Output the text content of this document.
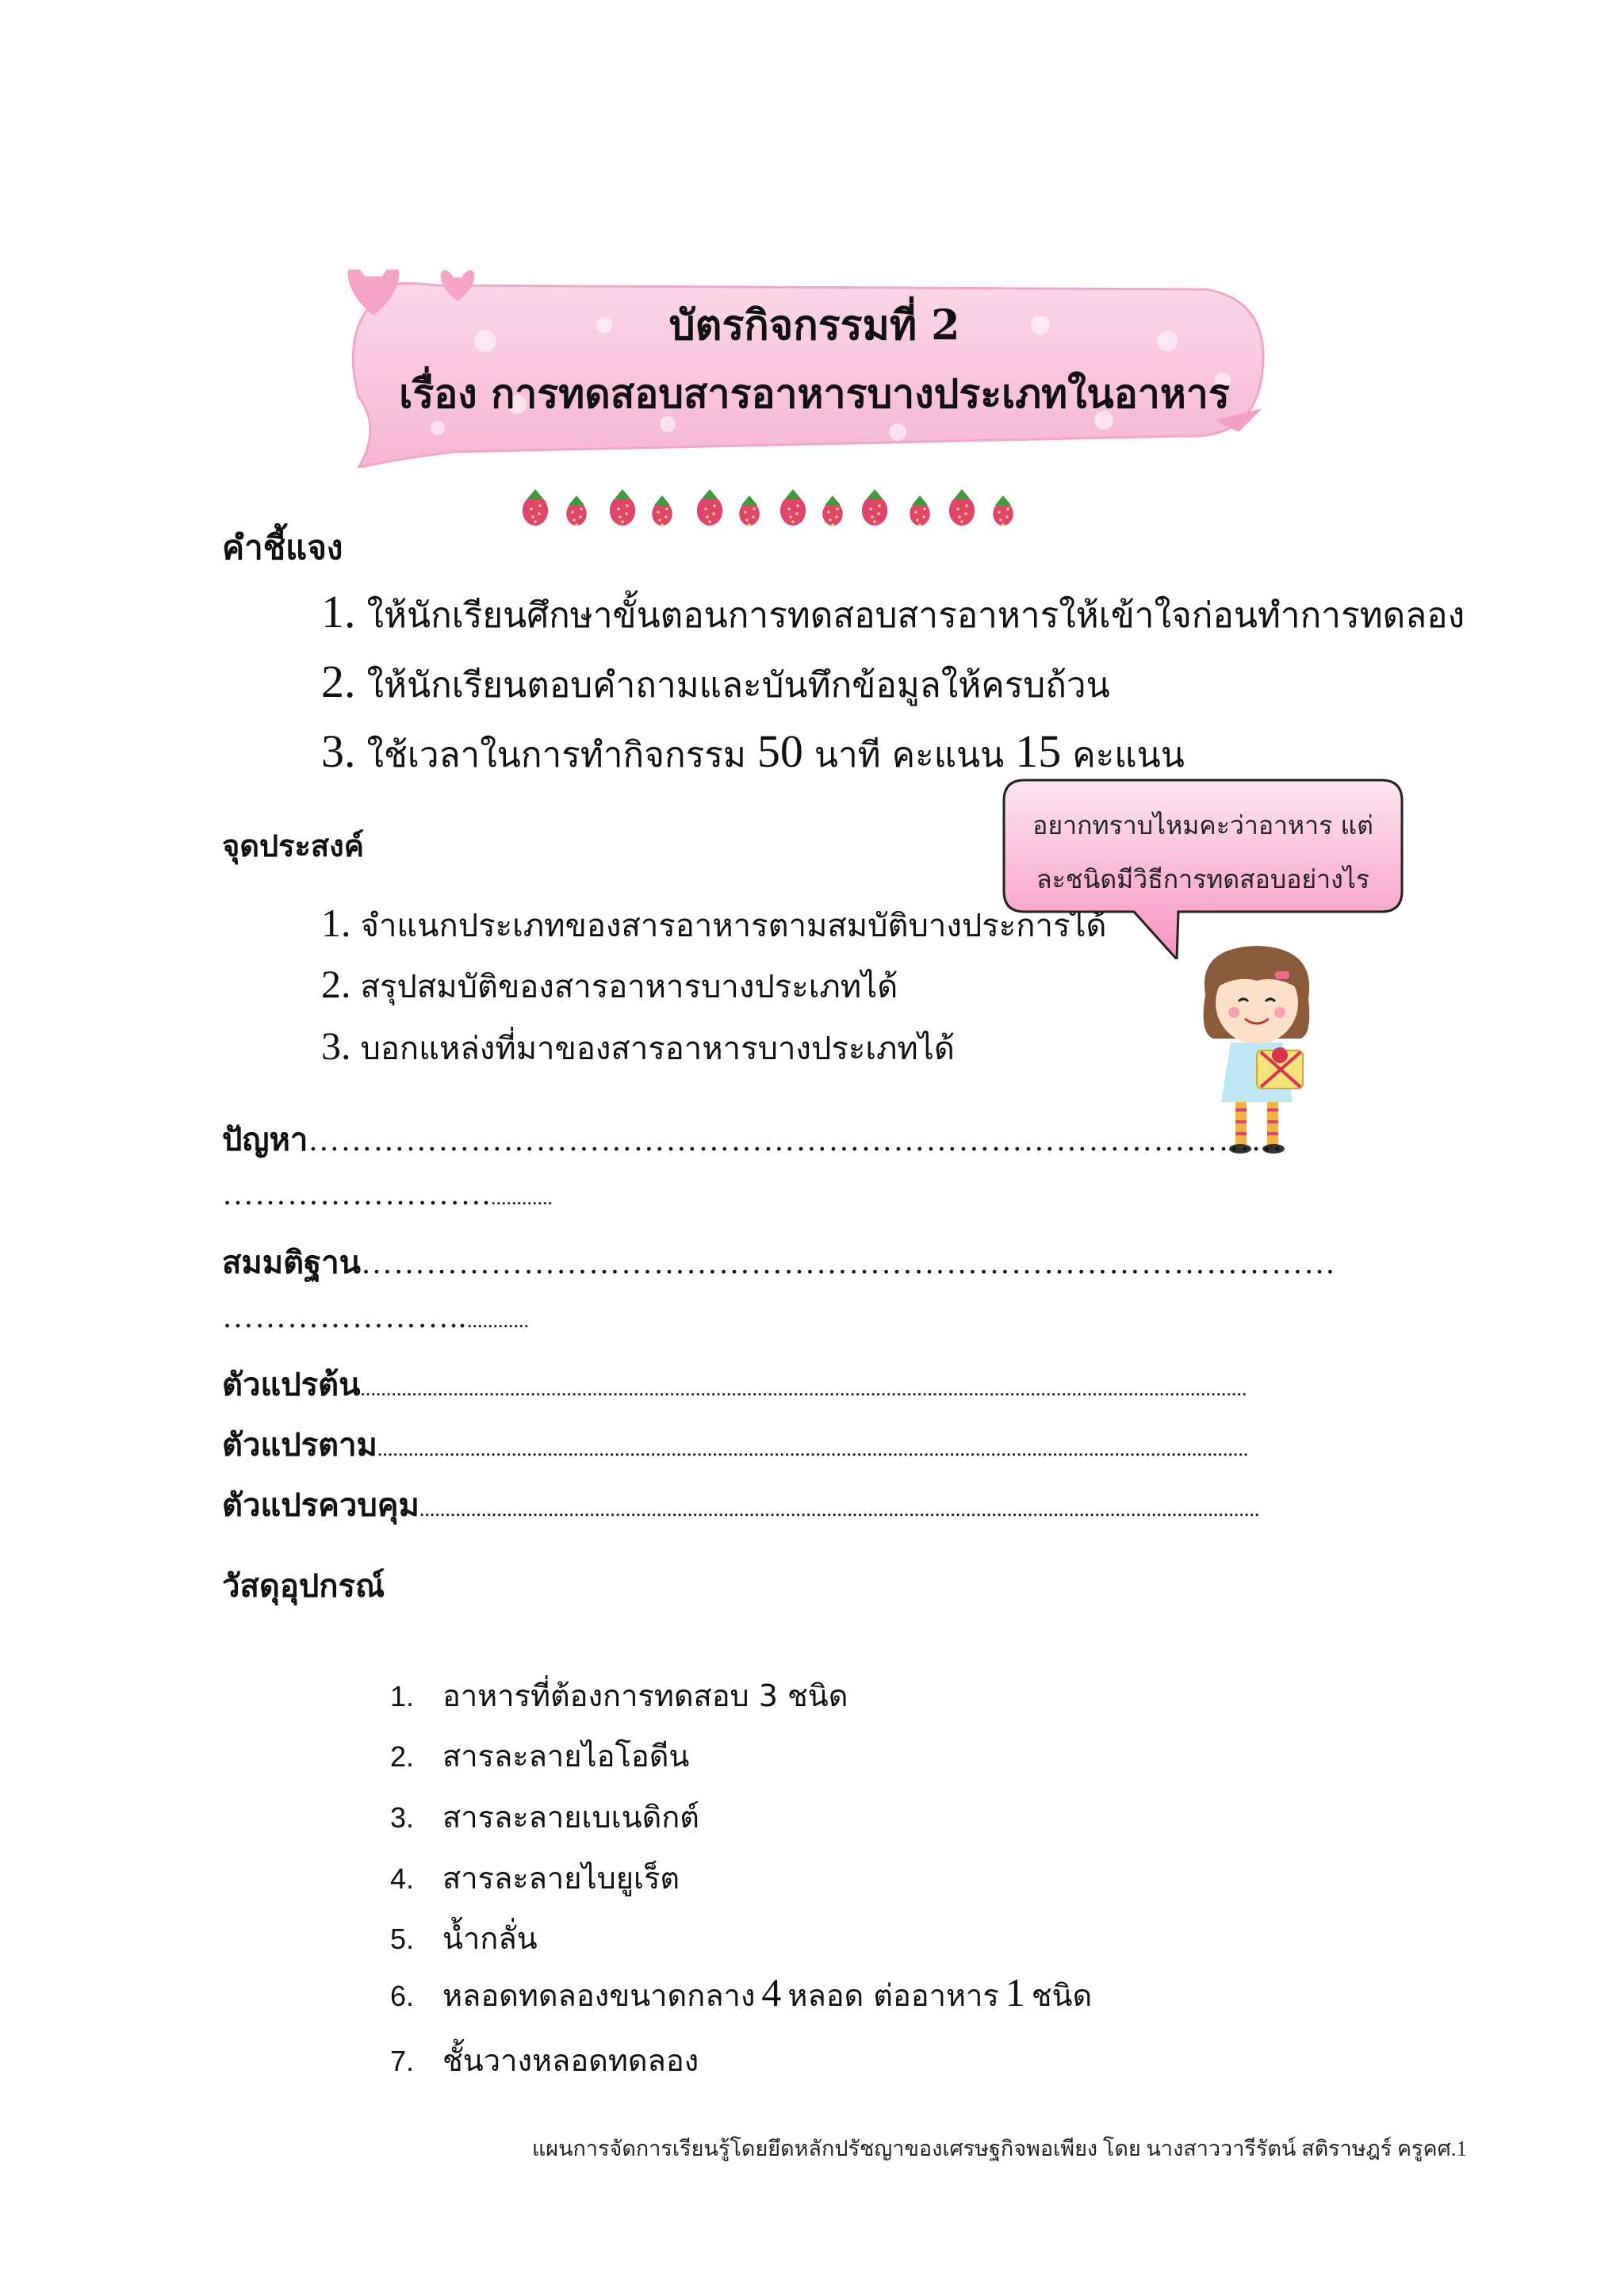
บัตรกิจกรรมที่ 2
เรื่อง การทดสอบสารอาหารบางประเภทในอาหาร
คำชี้แจง
1. ให้นักเรียนศึกษาขั้นตอนการทดสอบสารอาหารให้เข้าใจก่อนทำการทดลอง
2. ให้นักเรียนตอบคำถามและบันทึกข้อมูลให้ครบถ้วน
3. ใช้เวลาในการทำกิจกรรม 50 นาที คะแนน 15 คะแนน
จุดประสงค์
1. จำแนกประเภทของสารอาหารตามสมบัติบางประการได้
2. สรุปสมบัติของสารอาหารบางประเภทได้
3. บอกแหล่งที่มาของสารอาหารบางประเภทได้
อยากทราบไหมคะว่าอาหาร แต่
ละชนิดมีวิธีการทดสอบอย่างไร
ปัญหา………………………………………………………………………………
…………………….............
สมมติฐาน………………………………………………………………………………
…………………..............
ตัวแปรต้น............................................................................................................................................................................
ตัวแปรตาม.........................................................................................................................................................................
ตัวแปรควบคุม...................................................................................................................................................................
วัสดุอุปกรณ์
1. อาหารที่ต้องการทดสอบ 3 ชนิด
2. สารละลายไอโอดีน
3. สารละลายเบเนดิกต์
4. สารละลายไบยูเร็ต
5. น้ำกลั่น
6. หลอดทดลองขนาดกลาง 4 หลอด ต่ออาหาร 1 ชนิด
7. ชั้นวางหลอดทดลอง
แผนการจัดการเรียนรู้โดยยึดหลักปรัชญาของเศรษฐกิจพอเพียง โดย นางสาววารีรัตน์ สติราษฎร์ ครูคศ.1
